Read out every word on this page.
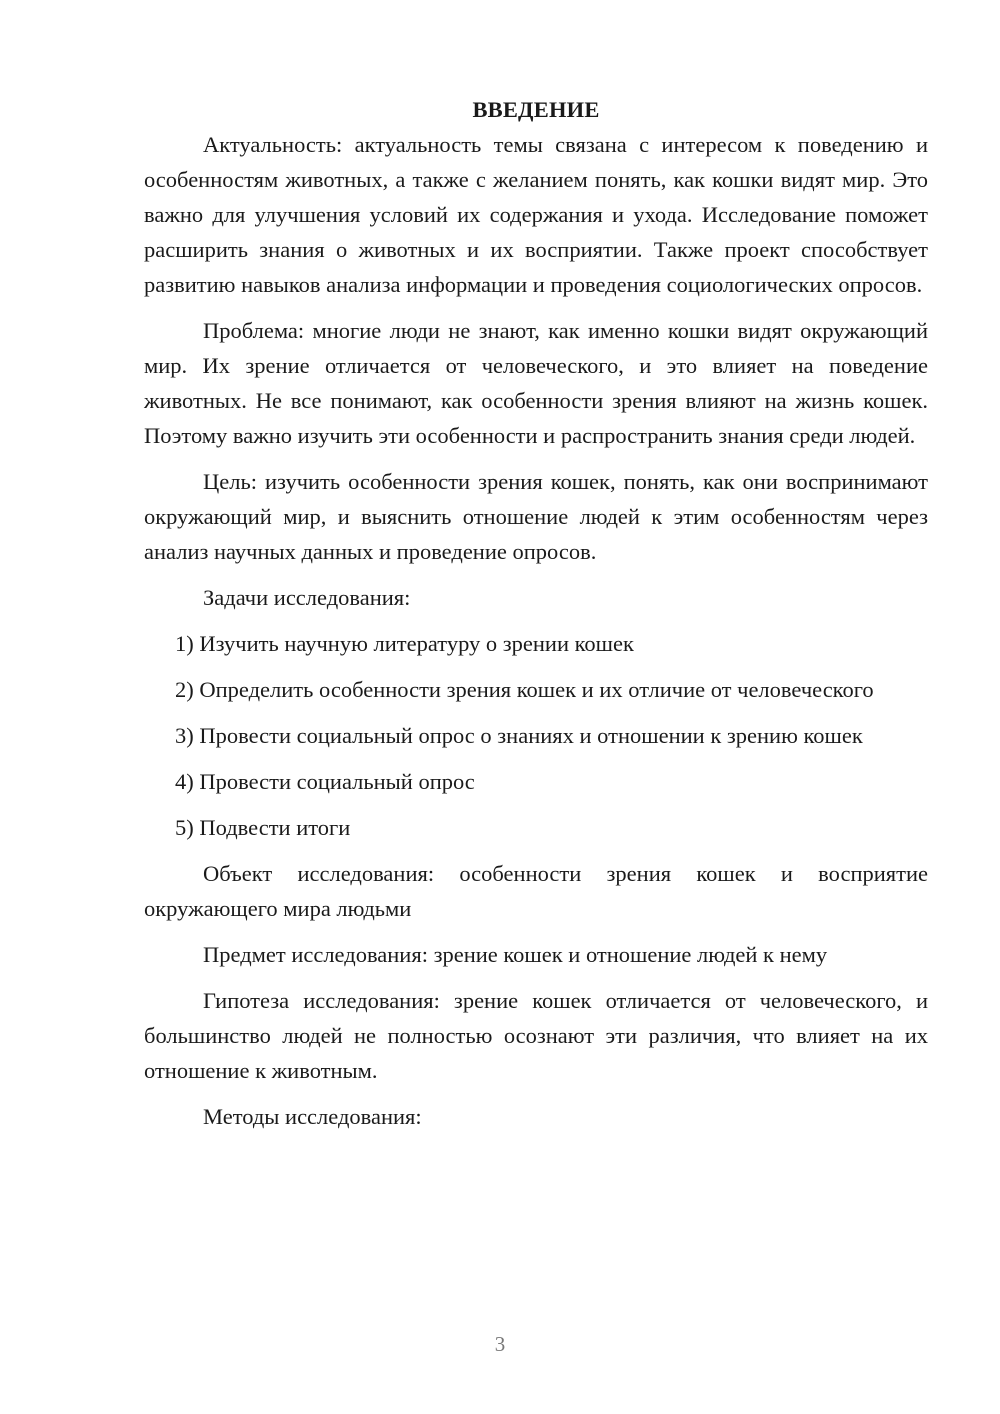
ВВЕДЕНИЕ

Актуальность: актуальность темы связана с интересом к поведению и особенностям животных, а также с желанием понять, как кошки видят мир. Это важно для улучшения условий их содержания и ухода. Исследование поможет расширить знания о животных и их восприятии. Также проект способствует развитию навыков анализа информации и проведения социологических опросов.

Проблема: многие люди не знают, как именно кошки видят окружающий мир. Их зрение отличается от человеческого, и это влияет на поведение животных. Не все понимают, как особенности зрения влияют на жизнь кошек. Поэтому важно изучить эти особенности и распространить знания среди людей.

Цель: изучить особенности зрения кошек, понять, как они воспринимают окружающий мир, и выяснить отношение людей к этим особенностям через анализ научных данных и проведение опросов.

Задачи исследования:

1) Изучить научную литературу о зрении кошек

2) Определить особенности зрения кошек и их отличие от человеческого

3) Провести социальный опрос о знаниях и отношении к зрению кошек

4) Провести социальный опрос

5) Подвести итоги

Объект исследования: особенности зрения кошек и восприятие окружающего мира людьми

Предмет исследования: зрение кошек и отношение людей к нему

Гипотеза исследования: зрение кошек отличается от человеческого, и большинство людей не полностью осознают эти различия, что влияет на их отношение к животным.

Методы исследования:

3
